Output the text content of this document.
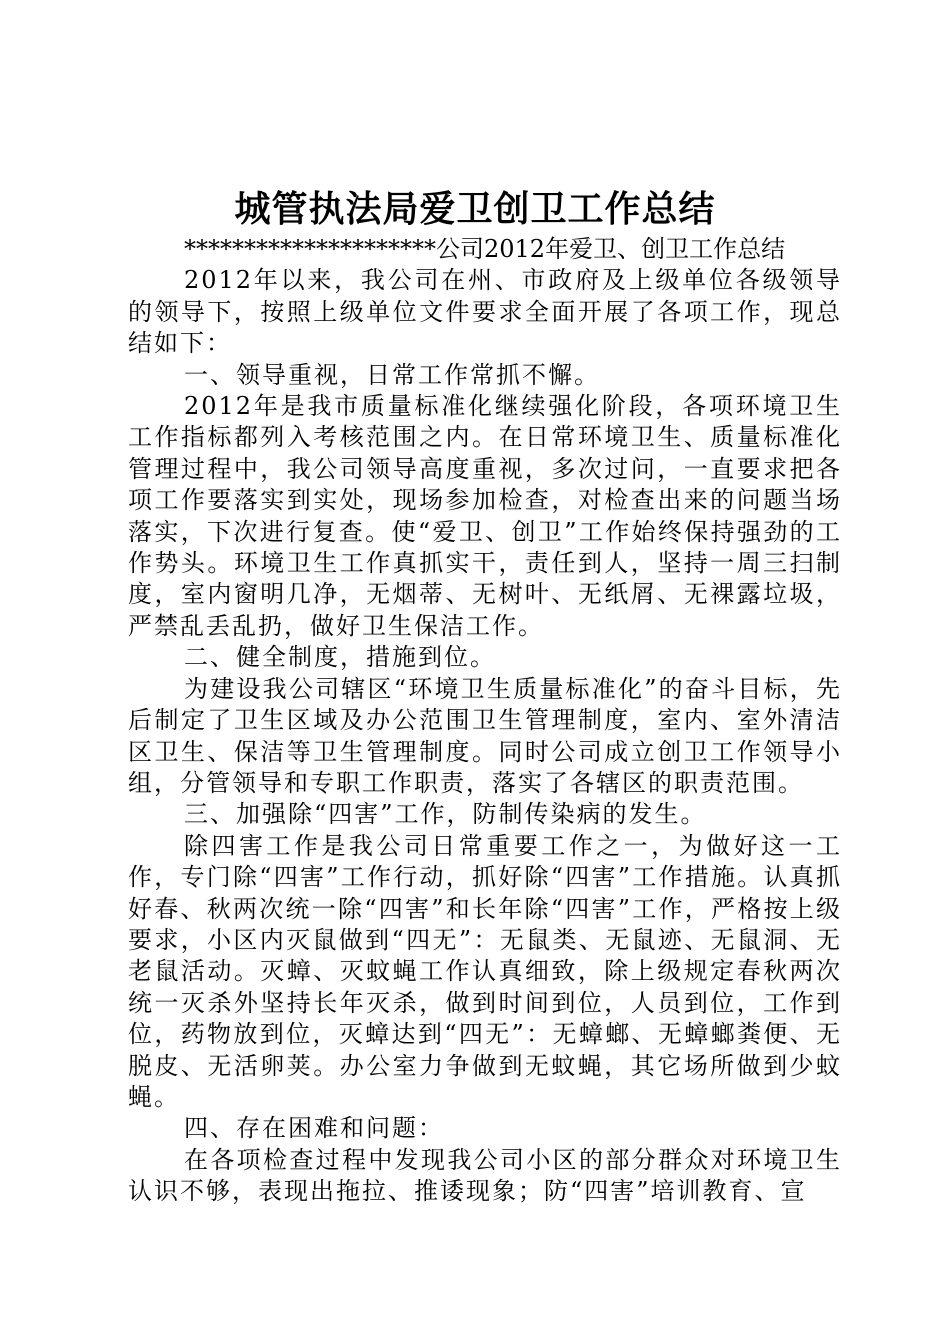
城管执法局爱卫创卫工作总结

*********************公司2012年爱卫、创卫工作总结

2012年以来，我公司在州、市政府及上级单位各级领导的领导下，按照上级单位文件要求全面开展了各项工作，现总结如下：

一、领导重视，日常工作常抓不懈。

2012年是我市质量标准化继续强化阶段，各项环境卫生工作指标都列入考核范围之内。在日常环境卫生、质量标准化管理过程中，我公司领导高度重视，多次过问，一直要求把各项工作要落实到实处，现场参加检查，对检查出来的问题当场落实，下次进行复查。使“爱卫、创卫”工作始终保持强劲的工作势头。环境卫生工作真抓实干，责任到人，坚持一周三扫制度，室内窗明几净，无烟蒂、无树叶、无纸屑、无裸露垃圾，严禁乱丢乱扔，做好卫生保洁工作。

二、健全制度，措施到位。

为建设我公司辖区“环境卫生质量标准化”的奋斗目标，先后制定了卫生区域及办公范围卫生管理制度，室内、室外清洁区卫生、保洁等卫生管理制度。同时公司成立创卫工作领导小组，分管领导和专职工作职责，落实了各辖区的职责范围。

三、加强除“四害”工作，防制传染病的发生。

除四害工作是我公司日常重要工作之一，为做好这一工作，专门除“四害”工作行动，抓好除“四害”工作措施。认真抓好春、秋两次统一除“四害”和长年除“四害”工作，严格按上级要求，小区内灭鼠做到“四无”：无鼠类、无鼠迹、无鼠洞、无老鼠活动。灭蟑、灭蚊蝇工作认真细致，除上级规定春秋两次统一灭杀外坚持长年灭杀，做到时间到位，人员到位，工作到位，药物放到位，灭蟑达到“四无”：无蟑螂、无蟑螂粪便、无脱皮、无活卵荚。办公室力争做到无蚊蝇，其它场所做到少蚊蝇。

四、存在困难和问题：

在各项检查过程中发现我公司小区的部分群众对环境卫生认识不够，表现出拖拉、推诿现象；防“四害”培训教育、宣
